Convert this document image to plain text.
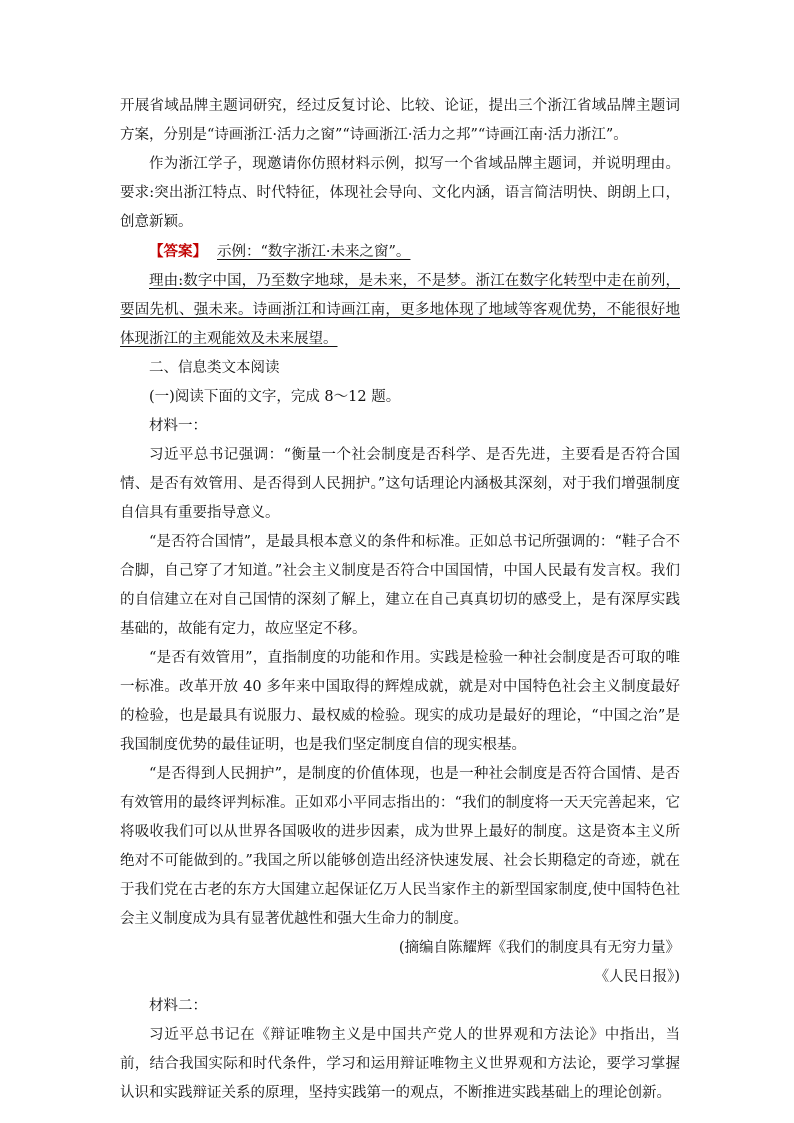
开展省域品牌主题词研究，经过反复讨论、比较、论证，提出三个浙江省域品牌主题词方案，分别是“诗画浙江·活力之窗”“诗画浙江·活力之邦”“诗画江南·活力浙江”。

作为浙江学子，现邀请你仿照材料示例，拟写一个省域品牌主题词，并说明理由。要求:突出浙江特点、时代特征，体现社会导向、文化内涵，语言简洁明快、朗朗上口，创意新颖。

【答案】 示例：“数字浙江·未来之窗”。

理由:数字中国，乃至数字地球，是未来，不是梦。浙江在数字化转型中走在前列，要固先机、强未来。诗画浙江和诗画江南，更多地体现了地域等客观优势，不能很好地体现浙江的主观能效及未来展望。

二、信息类文本阅读

(一)阅读下面的文字，完成 8～12 题。

材料一：

习近平总书记强调：“衡量一个社会制度是否科学、是否先进，主要看是否符合国情、是否有效管用、是否得到人民拥护。”这句话理论内涵极其深刻，对于我们增强制度自信具有重要指导意义。

“是否符合国情”，是最具根本意义的条件和标准。正如总书记所强调的：“鞋子合不合脚，自己穿了才知道。”社会主义制度是否符合中国国情，中国人民最有发言权。我们的自信建立在对自己国情的深刻了解上，建立在自己真真切切的感受上，是有深厚实践基础的，故能有定力，故应坚定不移。

“是否有效管用”，直指制度的功能和作用。实践是检验一种社会制度是否可取的唯一标准。改革开放 40 多年来中国取得的辉煌成就，就是对中国特色社会主义制度最好的检验，也是最具有说服力、最权威的检验。现实的成功是最好的理论，“中国之治”是我国制度优势的最佳证明，也是我们坚定制度自信的现实根基。

“是否得到人民拥护”，是制度的价值体现，也是一种社会制度是否符合国情、是否有效管用的最终评判标准。正如邓小平同志指出的：“我们的制度将一天天完善起来，它将吸收我们可以从世界各国吸收的进步因素，成为世界上最好的制度。这是资本主义所绝对不可能做到的。”我国之所以能够创造出经济快速发展、社会长期稳定的奇迹，就在于我们党在古老的东方大国建立起保证亿万人民当家作主的新型国家制度,使中国特色社会主义制度成为具有显著优越性和强大生命力的制度。

(摘编自陈耀辉《我们的制度具有无穷力量》

《人民日报》)

材料二：

习近平总书记在《辩证唯物主义是中国共产党人的世界观和方法论》中指出，当前，结合我国实际和时代条件，学习和运用辩证唯物主义世界观和方法论，要学习掌握认识和实践辩证关系的原理，坚持实践第一的观点，不断推进实践基础上的理论创新。
